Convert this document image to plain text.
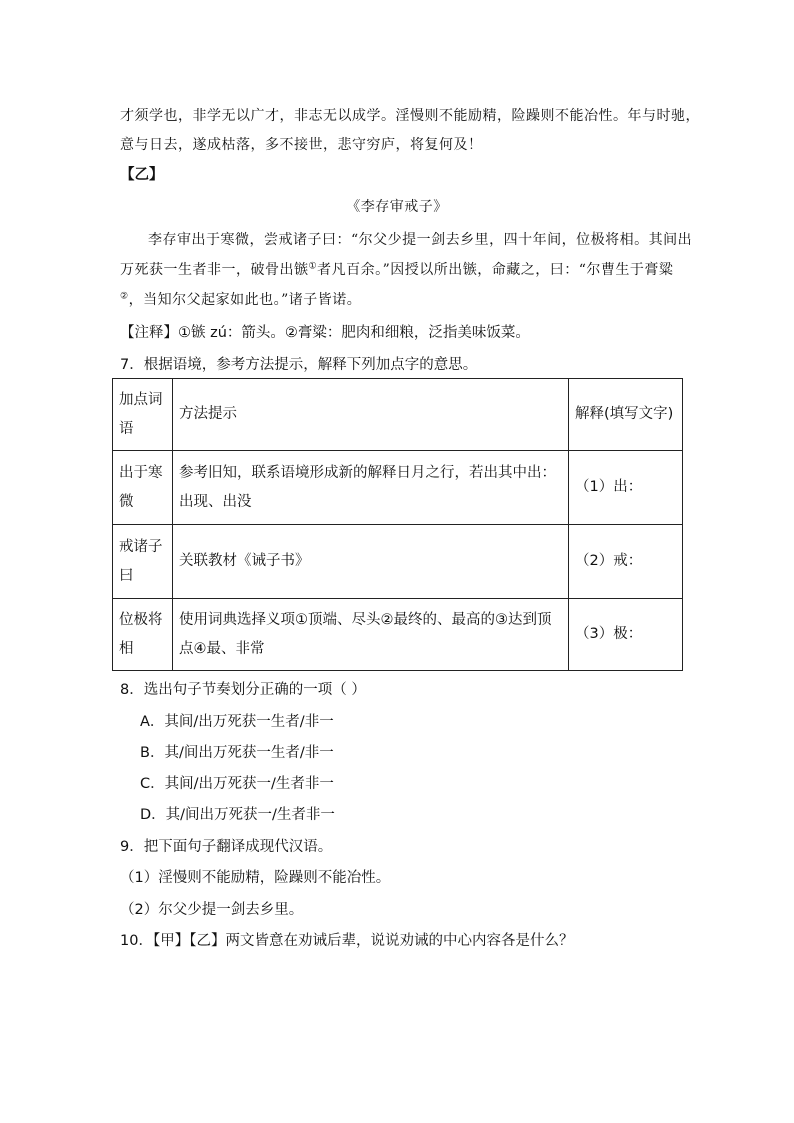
才须学也，非学无以广才，非志无以成学。淫慢则不能励精，险躁则不能冶性。年与时驰，
意与日去，遂成枯落，多不接世，悲守穷庐，将复何及！
【乙】
《李存审戒子》
李存审出于寒微，尝戒诸子曰：“尔父少提一剑去乡里，四十年间，位极将相。其间出
万死获一生者非一，破骨出镞①者凡百余。”因授以所出镞，命藏之，曰：“尔曹生于膏粱
②，当知尔父起家如此也。”诸子皆诺。
【注释】①镞 zú：箭头。②膏粱：肥肉和细粮，泛指美味饭菜。
7．根据语境，参考方法提示，解释下列加点字的意思。
加点词语	方法提示	解释(填写文字)
出于寒微	参考旧知，联系语境形成新的解释日月之行，若出其中出：出现、出没	（1）出：
戒诸子曰	关联教材《诫子书》	（2）戒：
位极将相	使用词典选择义项①顶端、尽头②最终的、最高的③达到顶点④最、非常	（3）极：
8．选出句子节奏划分正确的一项（ ）
A．其间/出万死获一生者/非一
B．其/间出万死获一生者/非一
C．其间/出万死获一/生者非一
D．其/间出万死获一/生者非一
9．把下面句子翻译成现代汉语。
（1）淫慢则不能励精，险躁则不能冶性。
（2）尔父少提一剑去乡里。
10．【甲】【乙】两文皆意在劝诫后辈，说说劝诫的中心内容各是什么？
